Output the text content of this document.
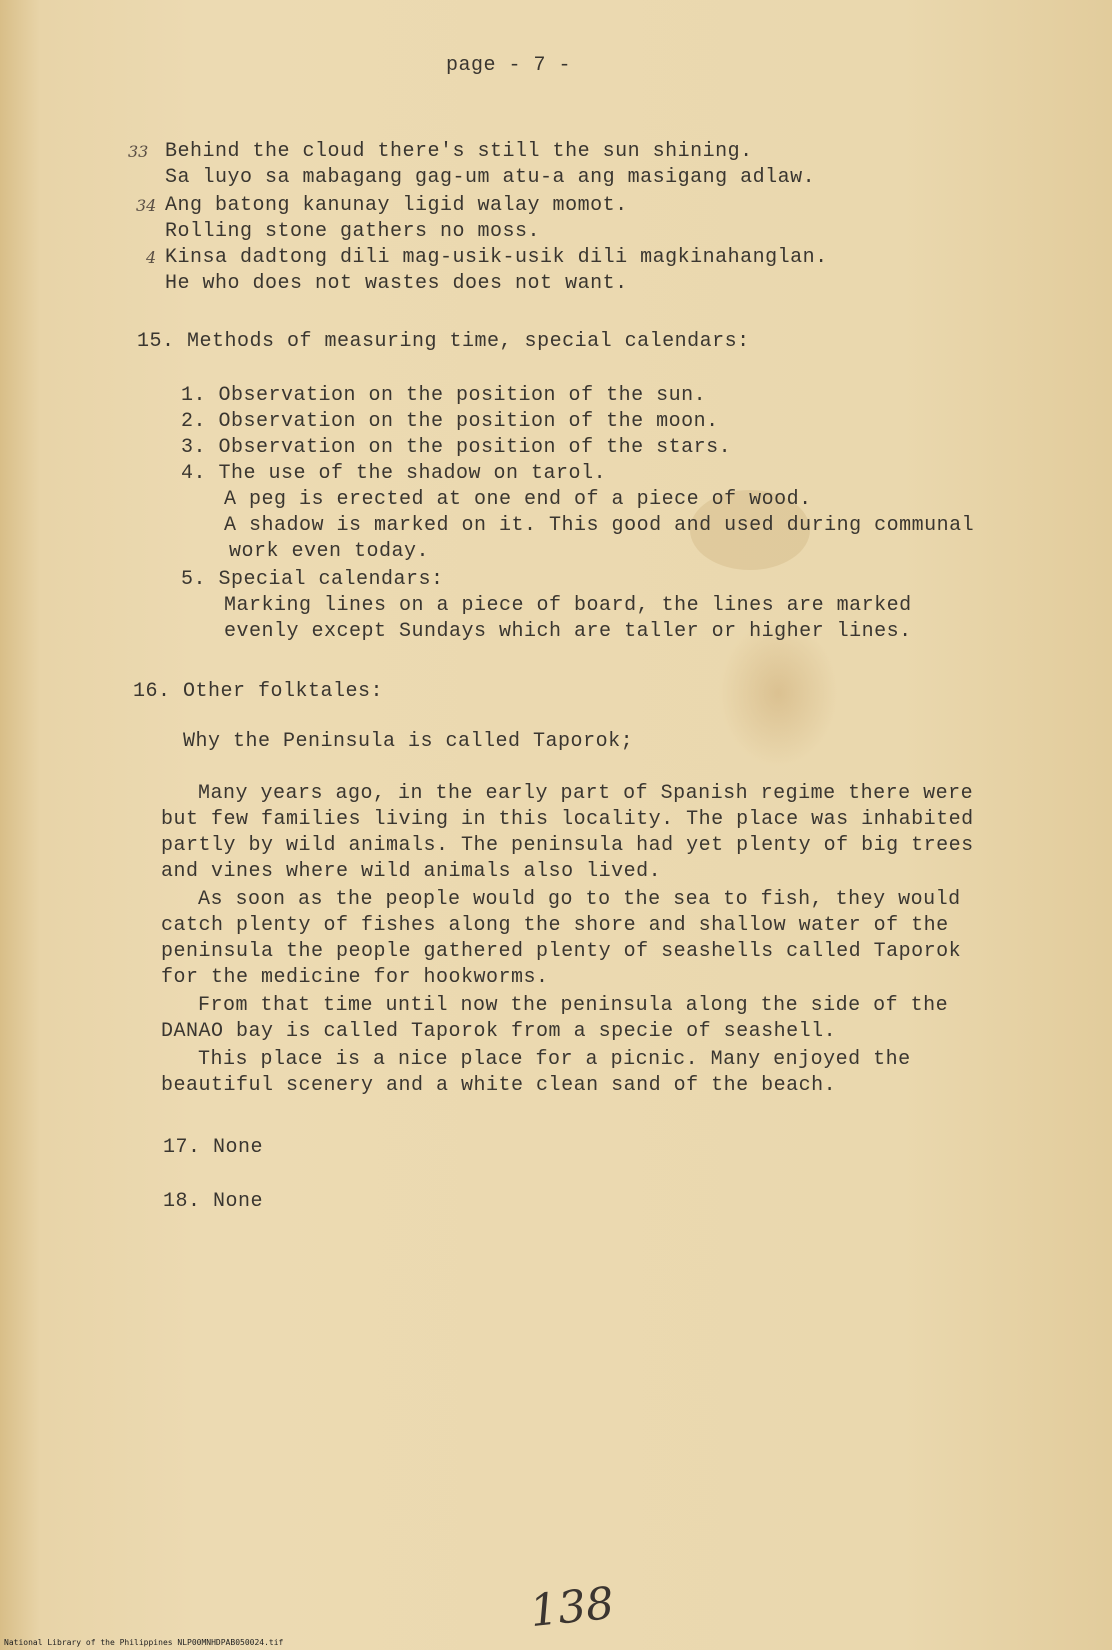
page - 7 -
33 Behind the cloud there's still the sun shining.
Sa luyo sa mabagang gag-um atu-a ang masigang adlaw.
34 Ang batong kanunay ligid walay momot.
Rolling stone gathers no moss.
4 Kinsa dadtong dili mag-usik-usik dili magkinahanglan.
He who does not wastes does not want.
15. Methods of measuring time, special calendars:
1. Observation on the position of the sun.
2. Observation on the position of the moon.
3. Observation on the position of the stars.
4. The use of the shadow on tarol.
A peg is erected at one end of a piece of wood.
A shadow is marked on it. This good and used during communal
work even today.
5. Special calendars:
Marking lines on a piece of board, the lines are marked
evenly except Sundays which are taller or higher lines.
16. Other folktales:
Why the Peninsula is called Taporok;
Many years ago, in the early part of Spanish regime there were
but few families living in this locality. The place was inhabited
partly by wild animals. The peninsula had yet plenty of big trees
and vines where wild animals also lived.
As soon as the people would go to the sea to fish, they would
catch plenty of fishes along the shore and shallow water of the
peninsula the people gathered plenty of seashells called Taporok
for the medicine for hookworms.
From that time until now the peninsula along the side of the
DANAO bay is called Taporok from a specie of seashell.
This place is a nice place for a picnic. Many enjoyed the
beautiful scenery and a white clean sand of the beach.
17. None
18. None
138
National Library of the Philippines NLP00MNHDPAB050024.tif
